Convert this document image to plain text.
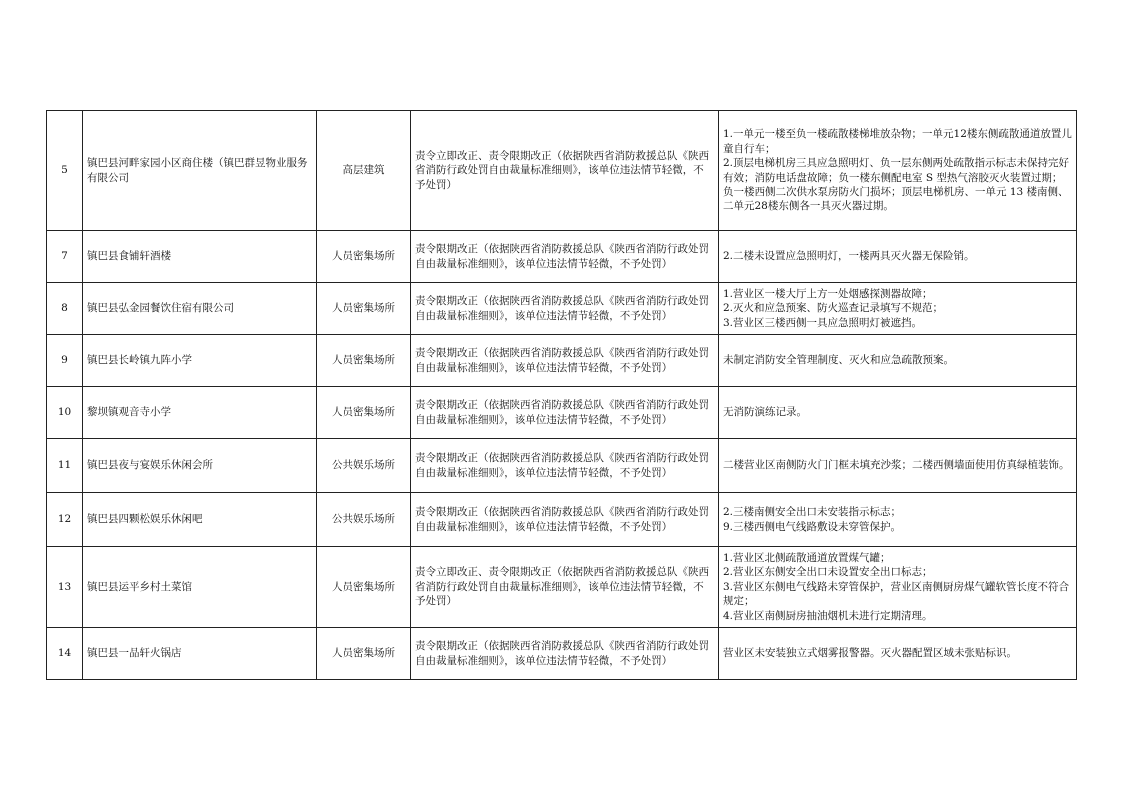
5	镇巴县河畔家园小区商住楼（镇巴群昱物业服务有限公司	高层建筑	责令立即改正、责令限期改正（依据陕西省消防救援总队《陕西省消防行政处罚自由裁量标准细则》，该单位违法情节轻微，不予处罚）	1.一单元一楼至负一楼疏散楼梯堆放杂物；一单元12楼东侧疏散通道放置儿童自行车；
2.顶层电梯机房三具应急照明灯、负一层东侧两处疏散指示标志未保持完好有效；消防电话盘故障；负一楼东侧配电室 S 型热气溶胶灭火装置过期；负一楼西侧二次供水泵房防火门损坏；顶层电梯机房、一单元 13 楼南侧、二单元28楼东侧各一具灭火器过期。

7	镇巴县食铺轩酒楼	人员密集场所	责令限期改正（依据陕西省消防救援总队《陕西省消防行政处罚自由裁量标准细则》，该单位违法情节轻微，不予处罚）	2.二楼未设置应急照明灯，一楼两具灭火器无保险销。

8	镇巴县弘金园餐饮住宿有限公司	人员密集场所	责令限期改正（依据陕西省消防救援总队《陕西省消防行政处罚自由裁量标准细则》，该单位违法情节轻微，不予处罚）	1.营业区一楼大厅上方一处烟感探测器故障；
2.灭火和应急预案、防火巡查记录填写不规范；
3.营业区三楼西侧一具应急照明灯被遮挡。

9	镇巴县长岭镇九阵小学	人员密集场所	责令限期改正（依据陕西省消防救援总队《陕西省消防行政处罚自由裁量标准细则》，该单位违法情节轻微，不予处罚）	未制定消防安全管理制度、灭火和应急疏散预案。

10	黎坝镇观音寺小学	人员密集场所	责令限期改正（依据陕西省消防救援总队《陕西省消防行政处罚自由裁量标准细则》，该单位违法情节轻微，不予处罚）	无消防演练记录。

11	镇巴县夜与宴娱乐休闲会所	公共娱乐场所	责令限期改正（依据陕西省消防救援总队《陕西省消防行政处罚自由裁量标准细则》，该单位违法情节轻微，不予处罚）	二楼营业区南侧防火门门框未填充沙浆；二楼西侧墙面使用仿真绿植装饰。

12	镇巴县四颗松娱乐休闲吧	公共娱乐场所	责令限期改正（依据陕西省消防救援总队《陕西省消防行政处罚自由裁量标准细则》，该单位违法情节轻微，不予处罚）	2.三楼南侧安全出口未安装指示标志；
9.三楼西侧电气线路敷设未穿管保护。

13	镇巴县运平乡村土菜馆	人员密集场所	责令立即改正、责令限期改正（依据陕西省消防救援总队《陕西省消防行政处罚自由裁量标准细则》，该单位违法情节轻微，不予处罚）	1.营业区北侧疏散通道放置煤气罐；
2.营业区东侧安全出口未设置安全出口标志；
3.营业区东侧电气线路未穿管保护，营业区南侧厨房煤气罐软管长度不符合规定；
4.营业区南侧厨房抽油烟机未进行定期清理。

14	镇巴县一品轩火锅店	人员密集场所	责令限期改正（依据陕西省消防救援总队《陕西省消防行政处罚自由裁量标准细则》，该单位违法情节轻微，不予处罚）	营业区未安装独立式烟雾报警器。灭火器配置区域未张贴标识。
